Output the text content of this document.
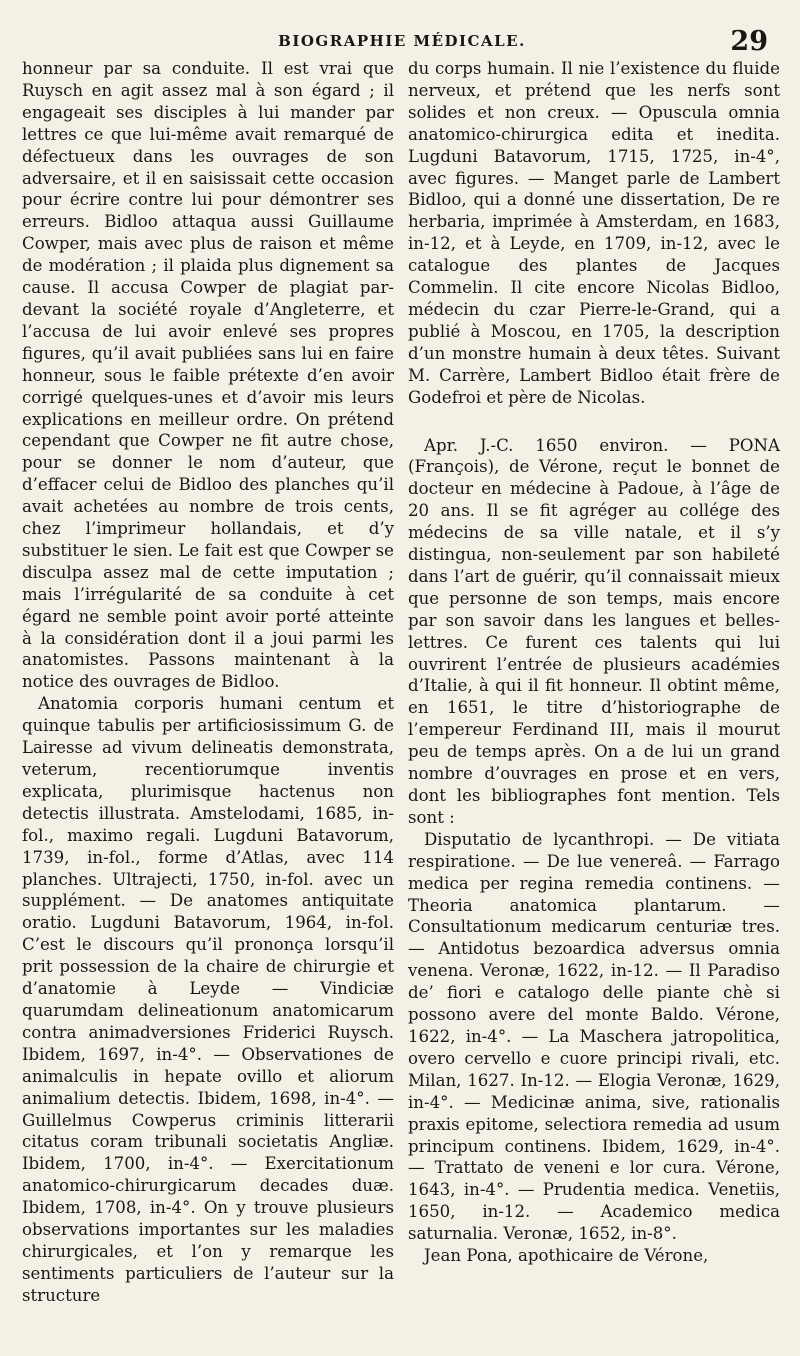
BIOGRAPHIE MÉDICALE.	29

honneur par sa conduite. Il est vrai que Ruysch en agit assez mal à son égard ; il engageait ses disciples à lui mander par lettres ce que lui-même avait remarqué de défectueux dans les ouvrages de son adversaire, et il en saisissait cette occasion pour écrire contre lui pour démontrer ses erreurs. Bidloo attaqua aussi Guillaume Cowper, mais avec plus de raison et même de modération ; il plaida plus dignement sa cause. Il accusa Cowper de plagiat par-devant la société royale d’Angleterre, et l’accusa de lui avoir enlevé ses propres figures, qu’il avait publiées sans lui en faire honneur, sous le faible prétexte d’en avoir corrigé quelques-unes et d’avoir mis leurs explications en meilleur ordre. On prétend cependant que Cowper ne fit autre chose, pour se donner le nom d’auteur, que d’effacer celui de Bidloo des planches qu’il avait achetées au nombre de trois cents, chez l’imprimeur hollandais, et d’y substituer le sien. Le fait est que Cowper se disculpa assez mal de cette imputation ; mais l’irrégularité de sa conduite à cet égard ne semble point avoir porté atteinte à la considération dont il a joui parmi les anatomistes. Passons maintenant à la notice des ouvrages de Bidloo.

Anatomia corporis humani centum et quinque tabulis per artificiosissimum G. de Lairesse ad vivum delineatis demonstrata, veterum, recentiorumque inventis explicata, plurimisque hactenus non detectis illustrata. Amstelodami, 1685, in-fol., maximo regali. Lugduni Batavorum, 1739, in-fol., forme d’Atlas, avec 114 planches. Ultrajecti, 1750, in-fol. avec un supplément. — De anatomes antiquitate oratio. Lugduni Batavorum, 1964, in-fol. C’est le discours qu’il prononça lorsqu’il prit possession de la chaire de chirurgie et d’anatomie à Leyde — Vindiciæ quarumdam delineationum anatomicarum contra animadversiones Friderici Ruysch. Ibidem, 1697, in-4°. — Observationes de animalculis in hepate ovillo et aliorum animalium detectis. Ibidem, 1698, in-4°. — Guillelmus Cowperus criminis litterarii citatus coram tribunali societatis Angliæ. Ibidem, 1700, in-4°. — Exercitationum anatomico-chirurgicarum decades duæ. Ibidem, 1708, in-4°. On y trouve plusieurs observations importantes sur les maladies chirurgicales, et l’on y remarque les sentiments particuliers de l’auteur sur la structure

du corps humain. Il nie l’existence du fluide nerveux, et prétend que les nerfs sont solides et non creux. — Opuscula omnia anatomico-chirurgica edita et inedita. Lugduni Batavorum, 1715, 1725, in-4°, avec figures. — Manget parle de Lambert Bidloo, qui a donné une dissertation, De re herbaria, imprimée à Amsterdam, en 1683, in-12, et à Leyde, en 1709, in-12, avec le catalogue des plantes de Jacques Commelin. Il cite encore Nicolas Bidloo, médecin du czar Pierre-le-Grand, qui a publié à Moscou, en 1705, la description d’un monstre humain à deux têtes. Suivant M. Carrère, Lambert Bidloo était frère de Godefroi et père de Nicolas.

Apr. J.-C. 1650 environ. — PONA (François), de Vérone, reçut le bonnet de docteur en médecine à Padoue, à l’âge de 20 ans. Il se fit agréger au collége des médecins de sa ville natale, et il s’y distingua, non-seulement par son habileté dans l’art de guérir, qu’il connaissait mieux que personne de son temps, mais encore par son savoir dans les langues et belles-lettres. Ce furent ces talents qui lui ouvrirent l’entrée de plusieurs académies d’Italie, à qui il fit honneur. Il obtint même, en 1651, le titre d’historiographe de l’empereur Ferdinand III, mais il mourut peu de temps après. On a de lui un grand nombre d’ouvrages en prose et en vers, dont les bibliographes font mention. Tels sont :

Disputatio de lycanthropi. — De vitiata respiratione. — De lue venereâ. — Farrago medica per regina remedia continens. — Theoria anatomica plantarum. — Consultationum medicarum centuriæ tres. — Antidotus bezoardica adversus omnia venena. Veronæ, 1622, in-12. — Il Paradiso de’ fiori e catalogo delle piante chè si possono avere del monte Baldo. Vérone, 1622, in-4°. — La Maschera jatropolitica, overo cervello e cuore principi rivali, etc. Milan, 1627. In-12. — Elogia Veronæ, 1629, in-4°. — Medicinæ anima, sive, rationalis praxis epitome, selectiora remedia ad usum principum continens. Ibidem, 1629, in-4°. — Trattato de veneni e lor cura. Vérone, 1643, in-4°. — Prudentia medica. Venetiis, 1650, in-12. — Academico medica saturnalia. Veronæ, 1652, in-8°.

Jean Pona, apothicaire de Vérone,
